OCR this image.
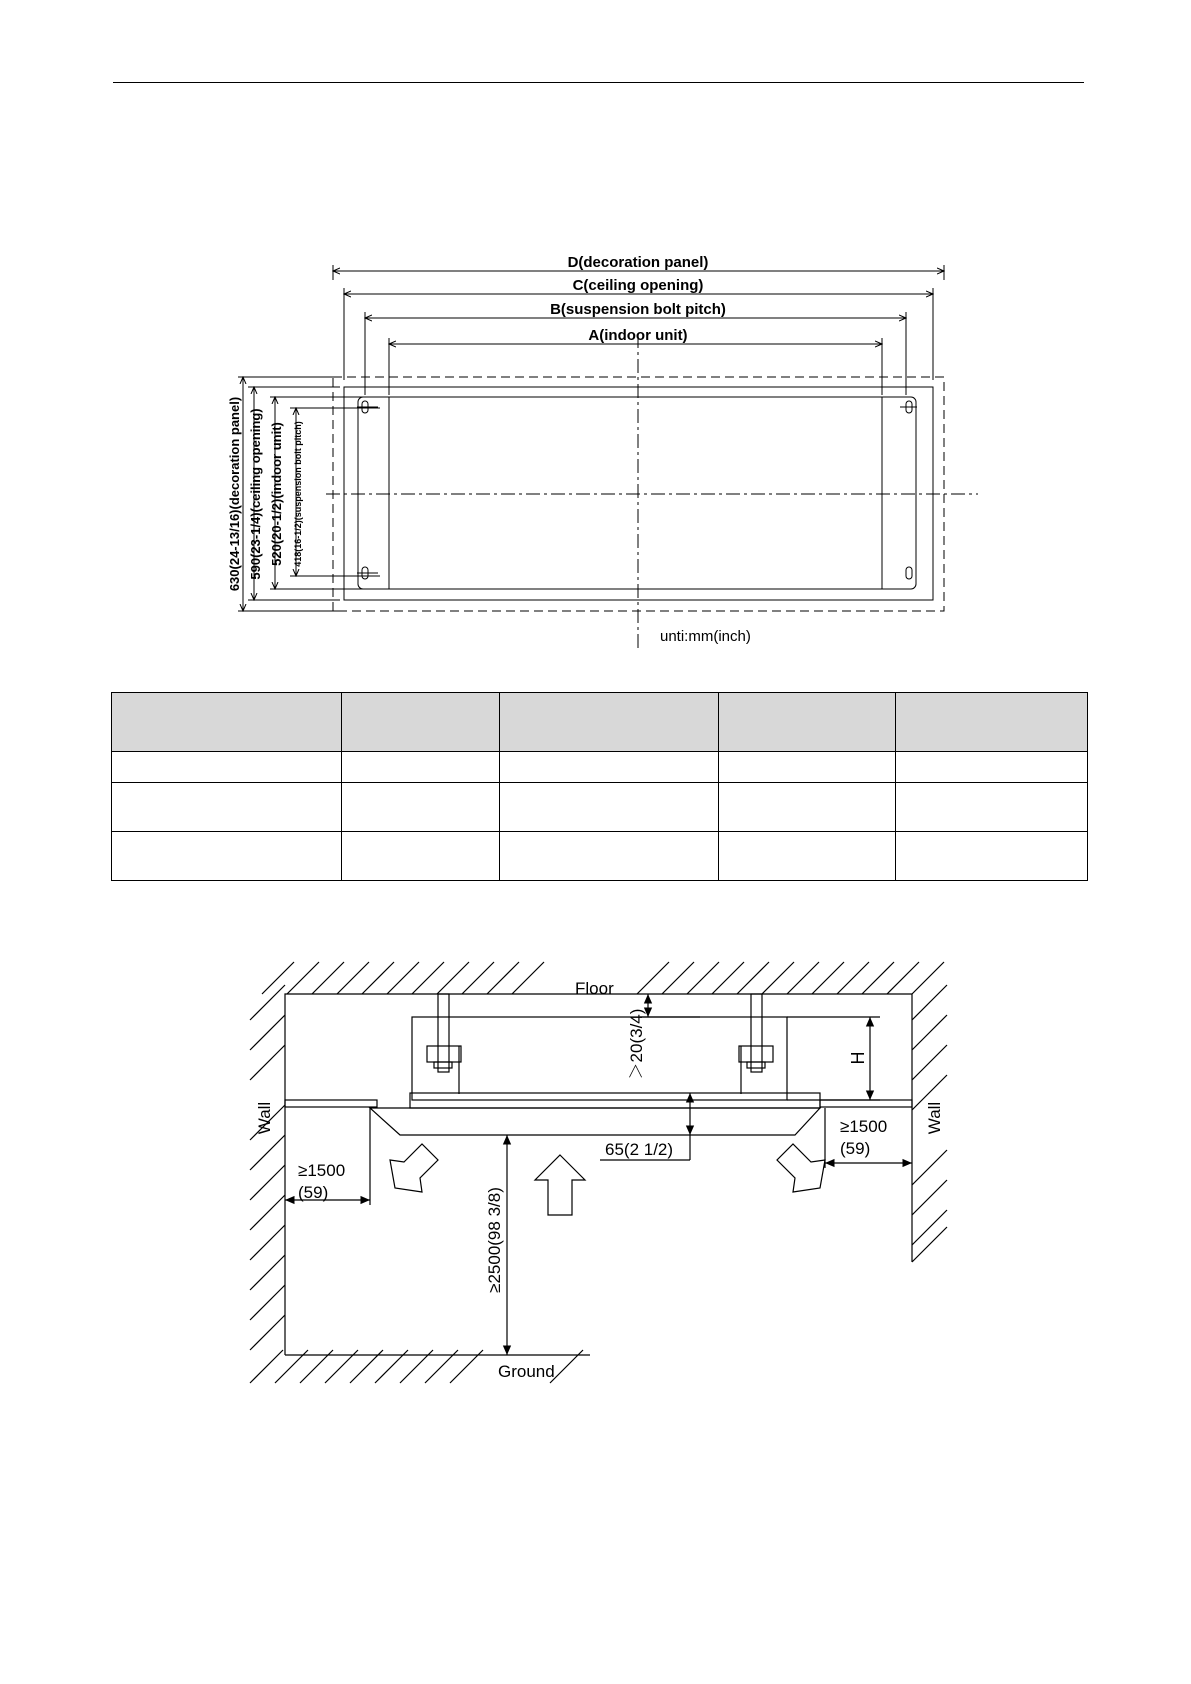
D(decoration panel)
C(ceiling opening)
B(suspension bolt pitch)
A(indoor unit)
630(24-13/16)(decoration panel) 590(23-1/4)(ceiling opening) 520(20-1/2)(indoor unit) 418(16-1/2)(suspension bolt pitch)
unti:mm(inch)

Floor
Ground
Wall	Wall
H
＞20(3/4)
65(2 1/2)
≥2500(98 3/8)
≥1500
(59)
≥1500
(59)
